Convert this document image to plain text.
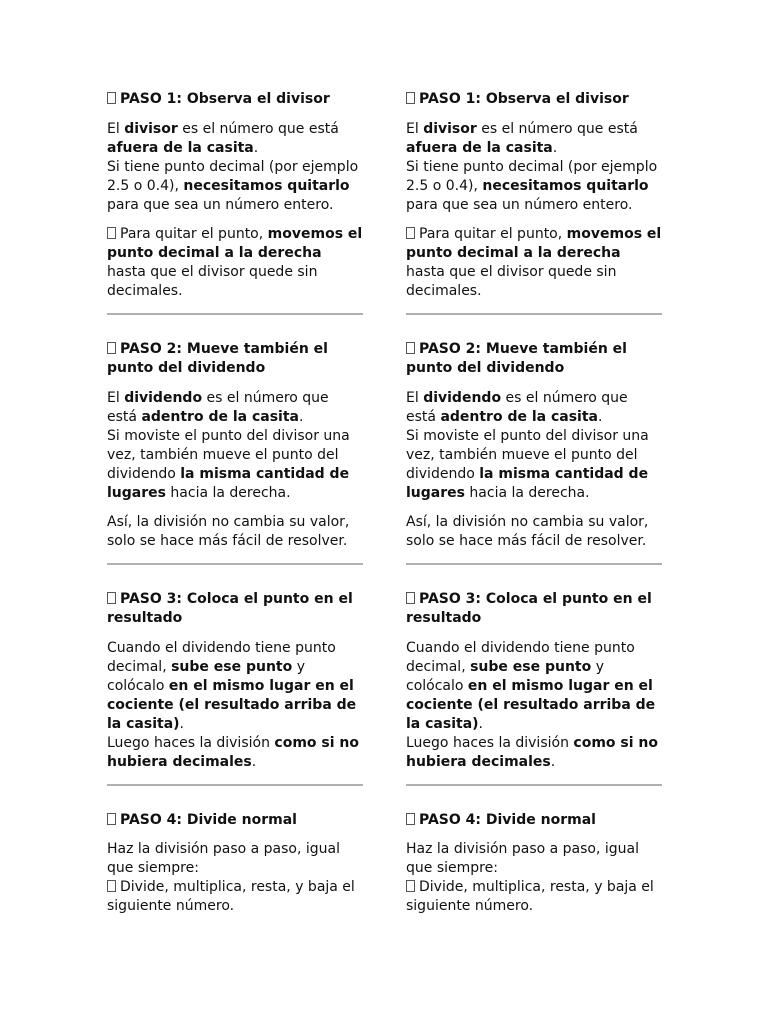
PASO 1: Observa el divisor

El divisor es el número que está afuera de la casita.
Si tiene punto decimal (por ejemplo 2.5 o 0.4), necesitamos quitarlo para que sea un número entero.

Para quitar el punto, movemos el punto decimal a la derecha hasta que el divisor quede sin decimales.

PASO 2: Mueve también el punto del dividendo

El dividendo es el número que está adentro de la casita.
Si moviste el punto del divisor una vez, también mueve el punto del dividendo la misma cantidad de lugares hacia la derecha.

Así, la división no cambia su valor, solo se hace más fácil de resolver.

PASO 3: Coloca el punto en el resultado

Cuando el dividendo tiene punto decimal, sube ese punto y colócalo en el mismo lugar en el cociente (el resultado arriba de la casita).
Luego haces la división como si no hubiera decimales.

PASO 4: Divide normal

Haz la división paso a paso, igual que siempre:
Divide, multiplica, resta, y baja el siguiente número.

PASO 1: Observa el divisor

El divisor es el número que está afuera de la casita.
Si tiene punto decimal (por ejemplo 2.5 o 0.4), necesitamos quitarlo para que sea un número entero.

Para quitar el punto, movemos el punto decimal a la derecha hasta que el divisor quede sin decimales.

PASO 2: Mueve también el punto del dividendo

El dividendo es el número que está adentro de la casita.
Si moviste el punto del divisor una vez, también mueve el punto del dividendo la misma cantidad de lugares hacia la derecha.

Así, la división no cambia su valor, solo se hace más fácil de resolver.

PASO 3: Coloca el punto en el resultado

Cuando el dividendo tiene punto decimal, sube ese punto y colócalo en el mismo lugar en el cociente (el resultado arriba de la casita).
Luego haces la división como si no hubiera decimales.

PASO 4: Divide normal

Haz la división paso a paso, igual que siempre:
Divide, multiplica, resta, y baja el siguiente número.
